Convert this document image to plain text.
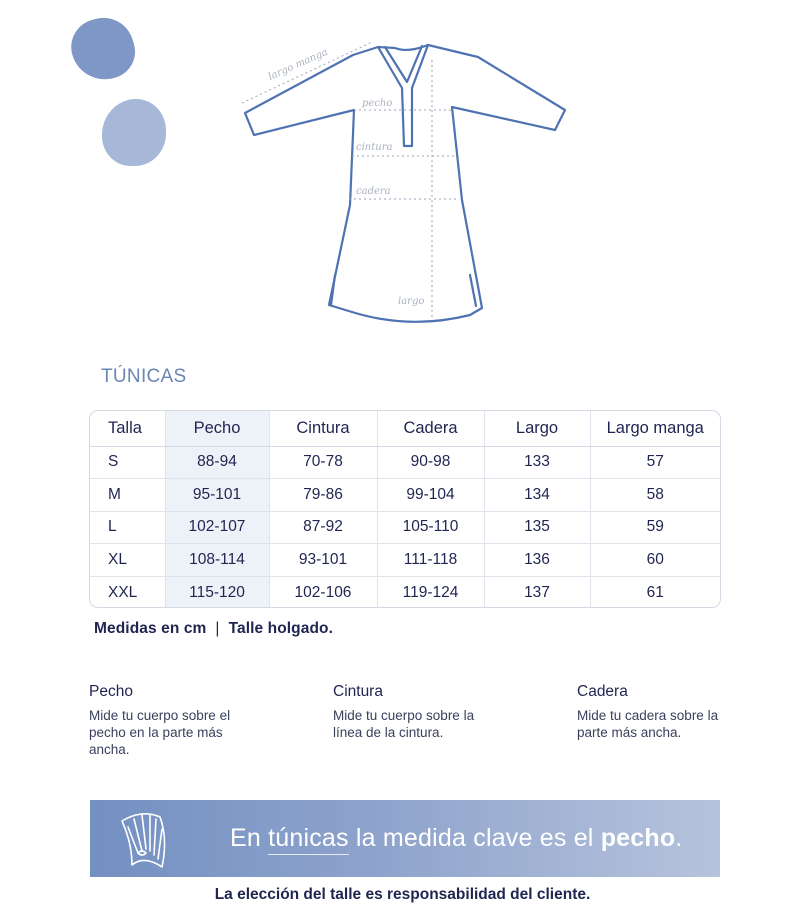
largo manga
pecho
cintura
cadera
largo
TÚNICAS
Talla	Pecho	Cintura	Cadera	Largo	Largo manga
S	88-94	70-78	90-98	133	57
M	95-101	79-86	99-104	134	58
L	102-107	87-92	105-110	135	59
XL	108-114	93-101	111-118	136	60
XXL	115-120	102-106	119-124	137	61
Medidas en cm | Talle holgado.
Pecho

Mide tu cuerpo sobre el pecho en la parte más ancha.

Cintura

Mide tu cuerpo sobre la línea de la cintura.

Cadera

Mide tu cadera sobre la parte más ancha.

En túnicas la medida clave es el pecho.
La elección del talle es responsabilidad del cliente.
